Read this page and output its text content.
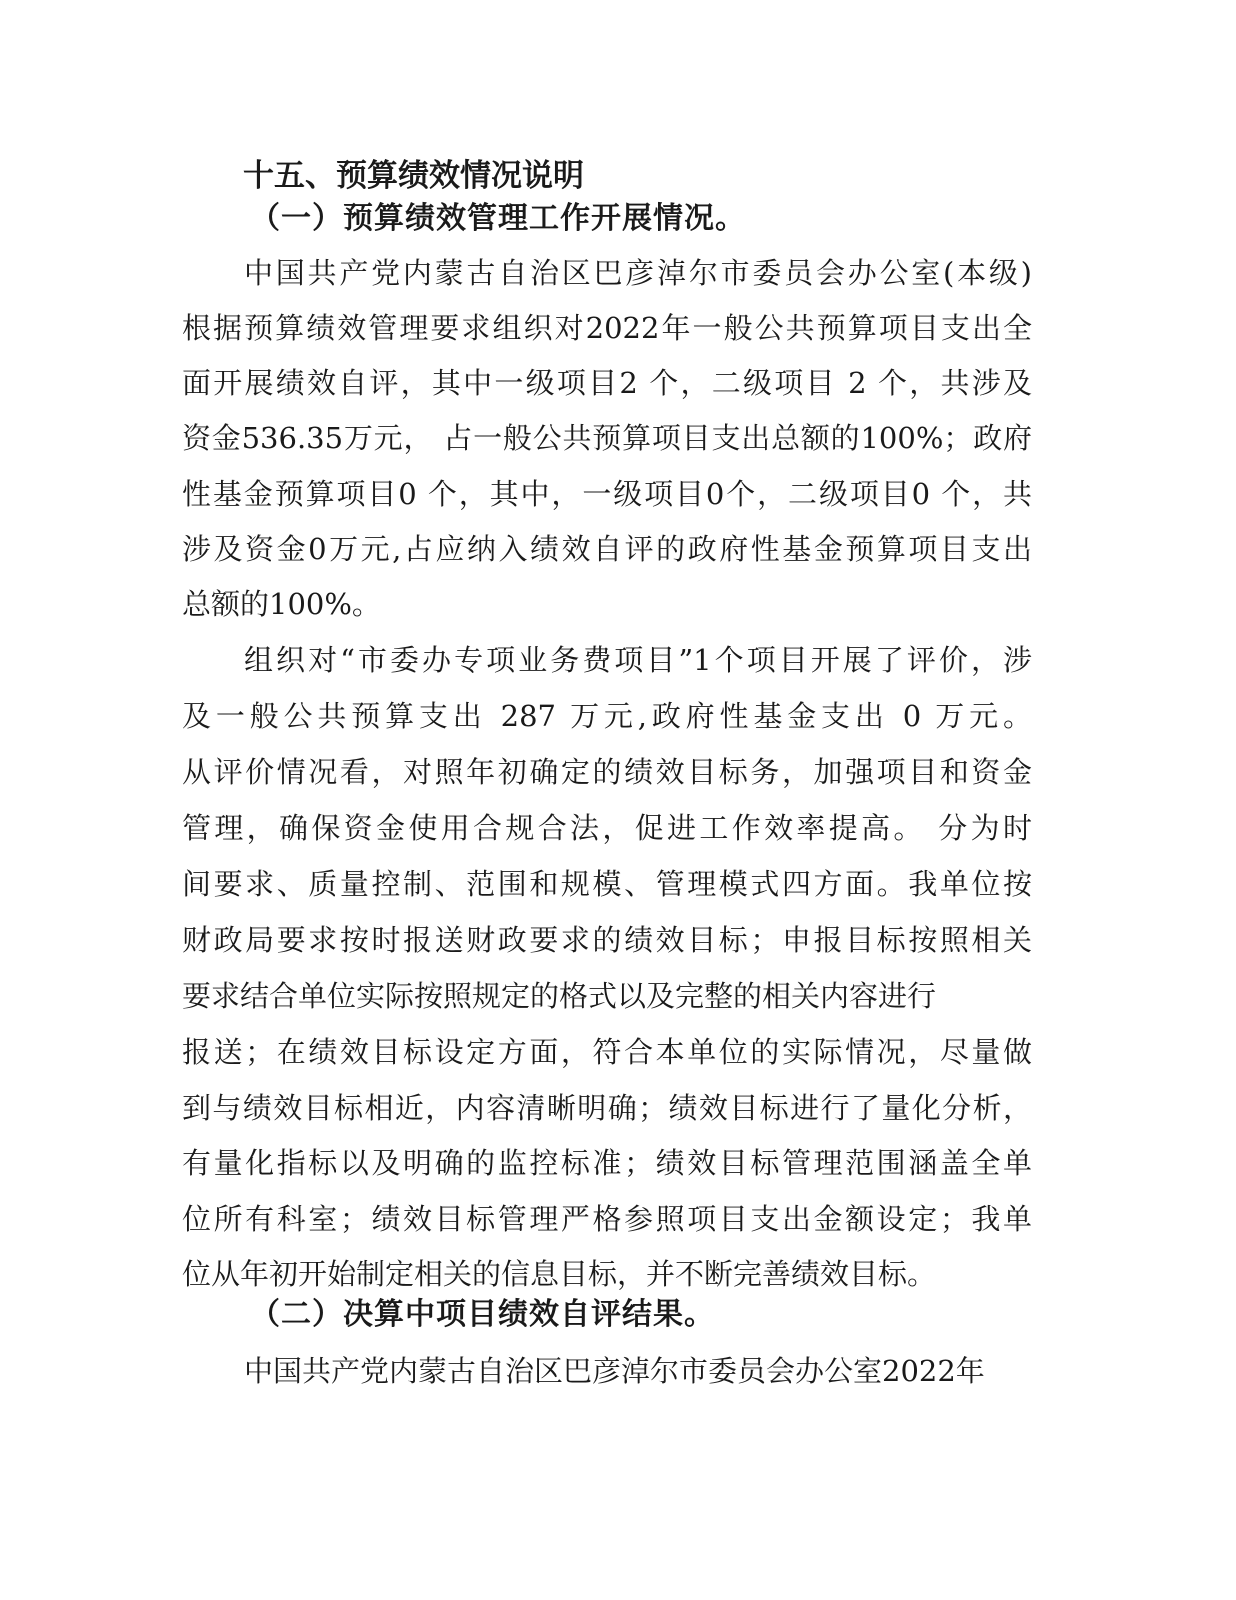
十五、预算绩效情况说明
（一）预算绩效管理工作开展情况。
中国共产党内蒙古自治区巴彦淖尔市委员会办公室(本级)
根据预算绩效管理要求组织对2022年一般公共预算项目支出全
面开展绩效自评，其中一级项目2 个，二级项目 2 个，共涉及
资金536.35万元， 占一般公共预算项目支出总额的100%；政府
性基金预算项目0 个，其中，一级项目0个，二级项目0 个，共
涉及资金0万元,占应纳入绩效自评的政府性基金预算项目支出
总额的100%。
组织对“市委办专项业务费项目”1个项目开展了评价，涉
及一般公共预算支出 287 万元,政府性基金支出 0 万元。
从评价情况看，对照年初确定的绩效目标务，加强项目和资金
管理，确保资金使用合规合法，促进工作效率提高。 分为时
间要求、质量控制、范围和规模、管理模式四方面。我单位按
财政局要求按时报送财政要求的绩效目标；申报目标按照相关
要求结合单位实际按照规定的格式以及完整的相关内容进行
报送；在绩效目标设定方面，符合本单位的实际情况，尽量做
到与绩效目标相近，内容清晰明确；绩效目标进行了量化分析，
有量化指标以及明确的监控标准；绩效目标管理范围涵盖全单
位所有科室；绩效目标管理严格参照项目支出金额设定；我单
位从年初开始制定相关的信息目标，并不断完善绩效目标。
（二）决算中项目绩效自评结果。
中国共产党内蒙古自治区巴彦淖尔市委员会办公室2022年
